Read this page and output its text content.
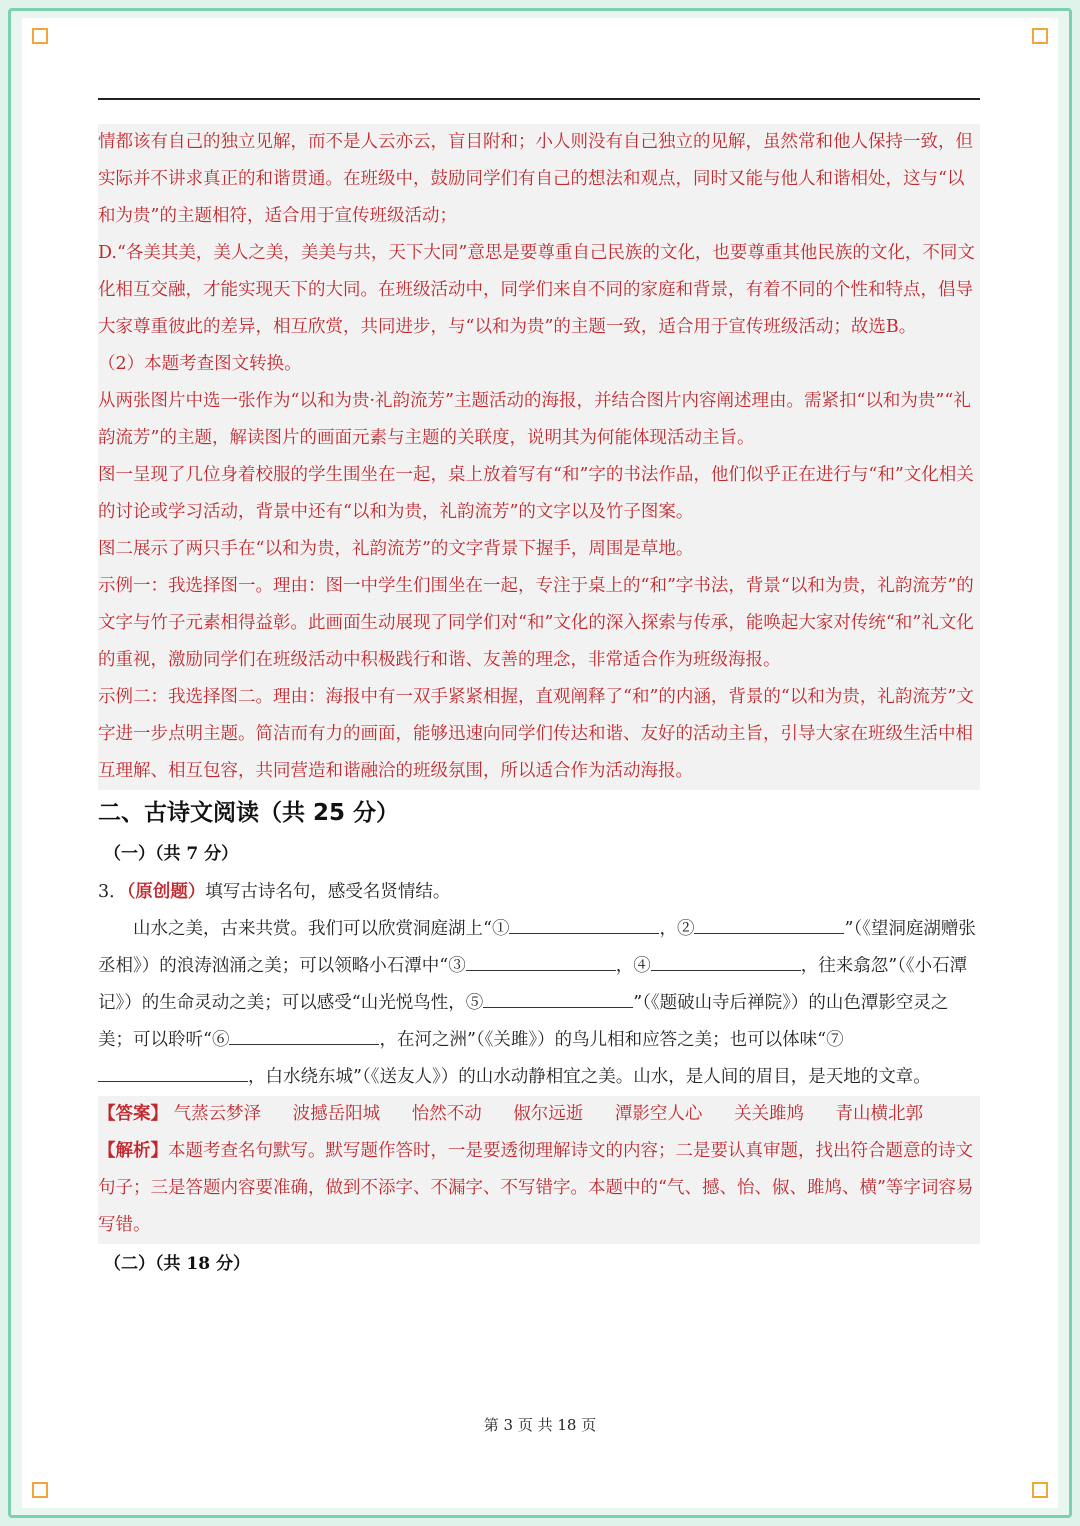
情都该有自己的独立见解，而不是人云亦云，盲目附和；小人则没有自己独立的见解，虽然常和他人保持一致，但实际并不讲求真正的和谐贯通。在班级中，鼓励同学们有自己的想法和观点，同时又能与他人和谐相处，这与“以和为贵”的主题相符，适合用于宣传班级活动；

D.“各美其美，美人之美，美美与共，天下大同”意思是要尊重自己民族的文化，也要尊重其他民族的文化，不同文化相互交融，才能实现天下的大同。在班级活动中，同学们来自不同的家庭和背景，有着不同的个性和特点，倡导大家尊重彼此的差异，相互欣赏，共同进步，与“以和为贵”的主题一致，适合用于宣传班级活动；故选B。

（2）本题考查图文转换。

从两张图片中选一张作为“以和为贵·礼韵流芳”主题活动的海报，并结合图片内容阐述理由。需紧扣“以和为贵”“礼韵流芳”的主题，解读图片的画面元素与主题的关联度，说明其为何能体现活动主旨。

图一呈现了几位身着校服的学生围坐在一起，桌上放着写有“和”字的书法作品，他们似乎正在进行与“和”文化相关的讨论或学习活动，背景中还有“以和为贵，礼韵流芳”的文字以及竹子图案。

图二展示了两只手在“以和为贵，礼韵流芳”的文字背景下握手，周围是草地。

示例一：我选择图一。理由：图一中学生们围坐在一起，专注于桌上的“和”字书法，背景“以和为贵，礼韵流芳”的文字与竹子元素相得益彰。此画面生动展现了同学们对“和”文化的深入探索与传承，能唤起大家对传统“和”礼文化的重视，激励同学们在班级活动中积极践行和谐、友善的理念，非常适合作为班级海报。

示例二：我选择图二。理由：海报中有一双手紧紧相握，直观阐释了“和”的内涵，背景的“以和为贵，礼韵流芳”文字进一步点明主题。简洁而有力的画面，能够迅速向同学们传达和谐、友好的活动主旨，引导大家在班级生活中相互理解、相互包容，共同营造和谐融洽的班级氛围，所以适合作为活动海报。

二、古诗文阅读（共 25 分）
（一）（共 7 分）

3．（原创题）填写古诗名句，感受名贤情结。

山水之美，古来共赏。我们可以欣赏洞庭湖上“①	，②	”（《望洞庭湖赠张丞相》）的浪涛汹涌之美；可以领略小石潭中“③	，④	，往来翕忽”（《小石潭记》）的生命灵动之美；可以感受“山光悦鸟性，⑤	”（《题破山寺后禅院》）的山色潭影空灵之美；可以聆听“⑥	，在河之洲”（《关雎》）的鸟儿相和应答之美；也可以体味“⑦，白水绕东城”（《送友人》）的山水动静相宜之美。山水，是人间的眉目，是天地的文章。

【答案】 气蒸云梦泽 波撼岳阳城 怡然不动 俶尔远逝 潭影空人心 关关雎鸠 青山横北郭

【解析】本题考查名句默写。默写题作答时，一是要透彻理解诗文的内容；二是要认真审题，找出符合题意的诗文句子；三是答题内容要准确，做到不添字、不漏字、不写错字。本题中的“气、撼、怡、俶、雎鸠、横”等字词容易写错。

（二）（共 18 分）
第 3 页 共 18 页
